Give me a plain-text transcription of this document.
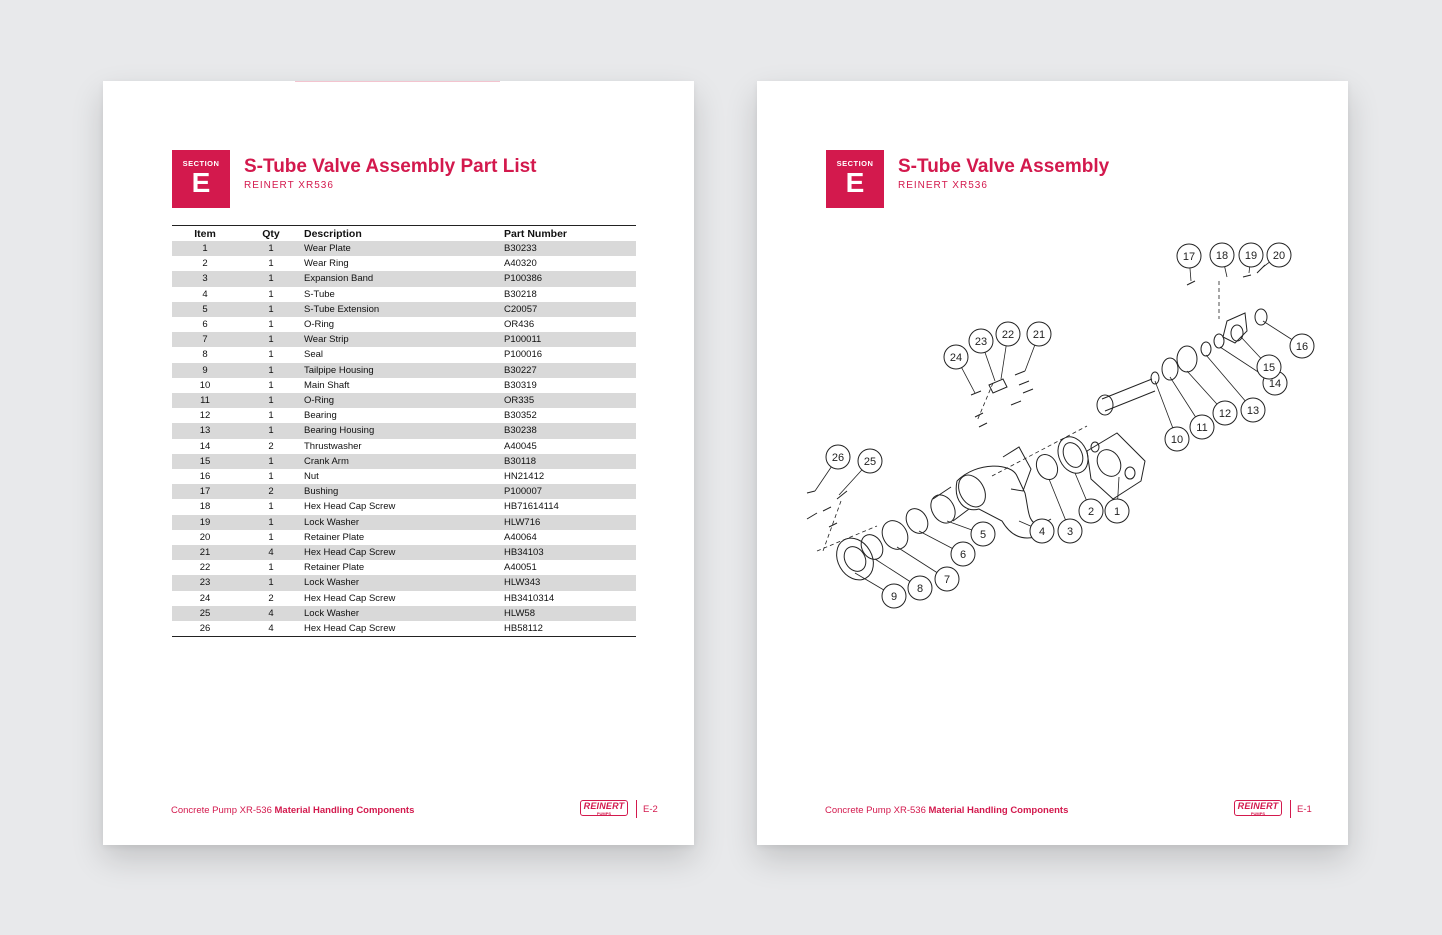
SECTION
E
S-Tube Valve Assembly Part List
REINERT XR536
Item	Qty	Description	Part Number
1	1	Wear Plate	B30233
2	1	Wear Ring	A40320
3	1	Expansion Band	P100386
4	1	S-Tube	B30218
5	1	S-Tube Extension	C20057
6	1	O-Ring	OR436
7	1	Wear Strip	P100011
8	1	Seal	P100016
9	1	Tailpipe Housing	B30227
10	1	Main Shaft	B30319
11	1	O-Ring	OR335
12	1	Bearing	B30352
13	1	Bearing Housing	B30238
14	2	Thrustwasher	A40045
15	1	Crank Arm	B30118
16	1	Nut	HN21412
17	2	Bushing	P100007
18	1	Hex Head Cap Screw	HB71614114
19	1	Lock Washer	HLW716
20	1	Retainer Plate	A40064
21	4	Hex Head Cap Screw	HB34103
22	1	Retainer Plate	A40051
23	1	Lock Washer	HLW343
24	2	Hex Head Cap Screw	HB3410314
25	4	Lock Washer	HLW58
26	4	Hex Head Cap Screw	HB58112
Concrete Pump XR-536 Material Handling Components	REINERT
PUMPS	E-2
SECTION
E
S-Tube Valve Assembly
REINERT XR536
1
2
3
4
5
6
7
8
9
10
11
12 13
14
15
16
17 18 19 20
21
22
23
24
25
26
Concrete Pump XR-536 Material Handling Components	REINERT
PUMPS	E-1
